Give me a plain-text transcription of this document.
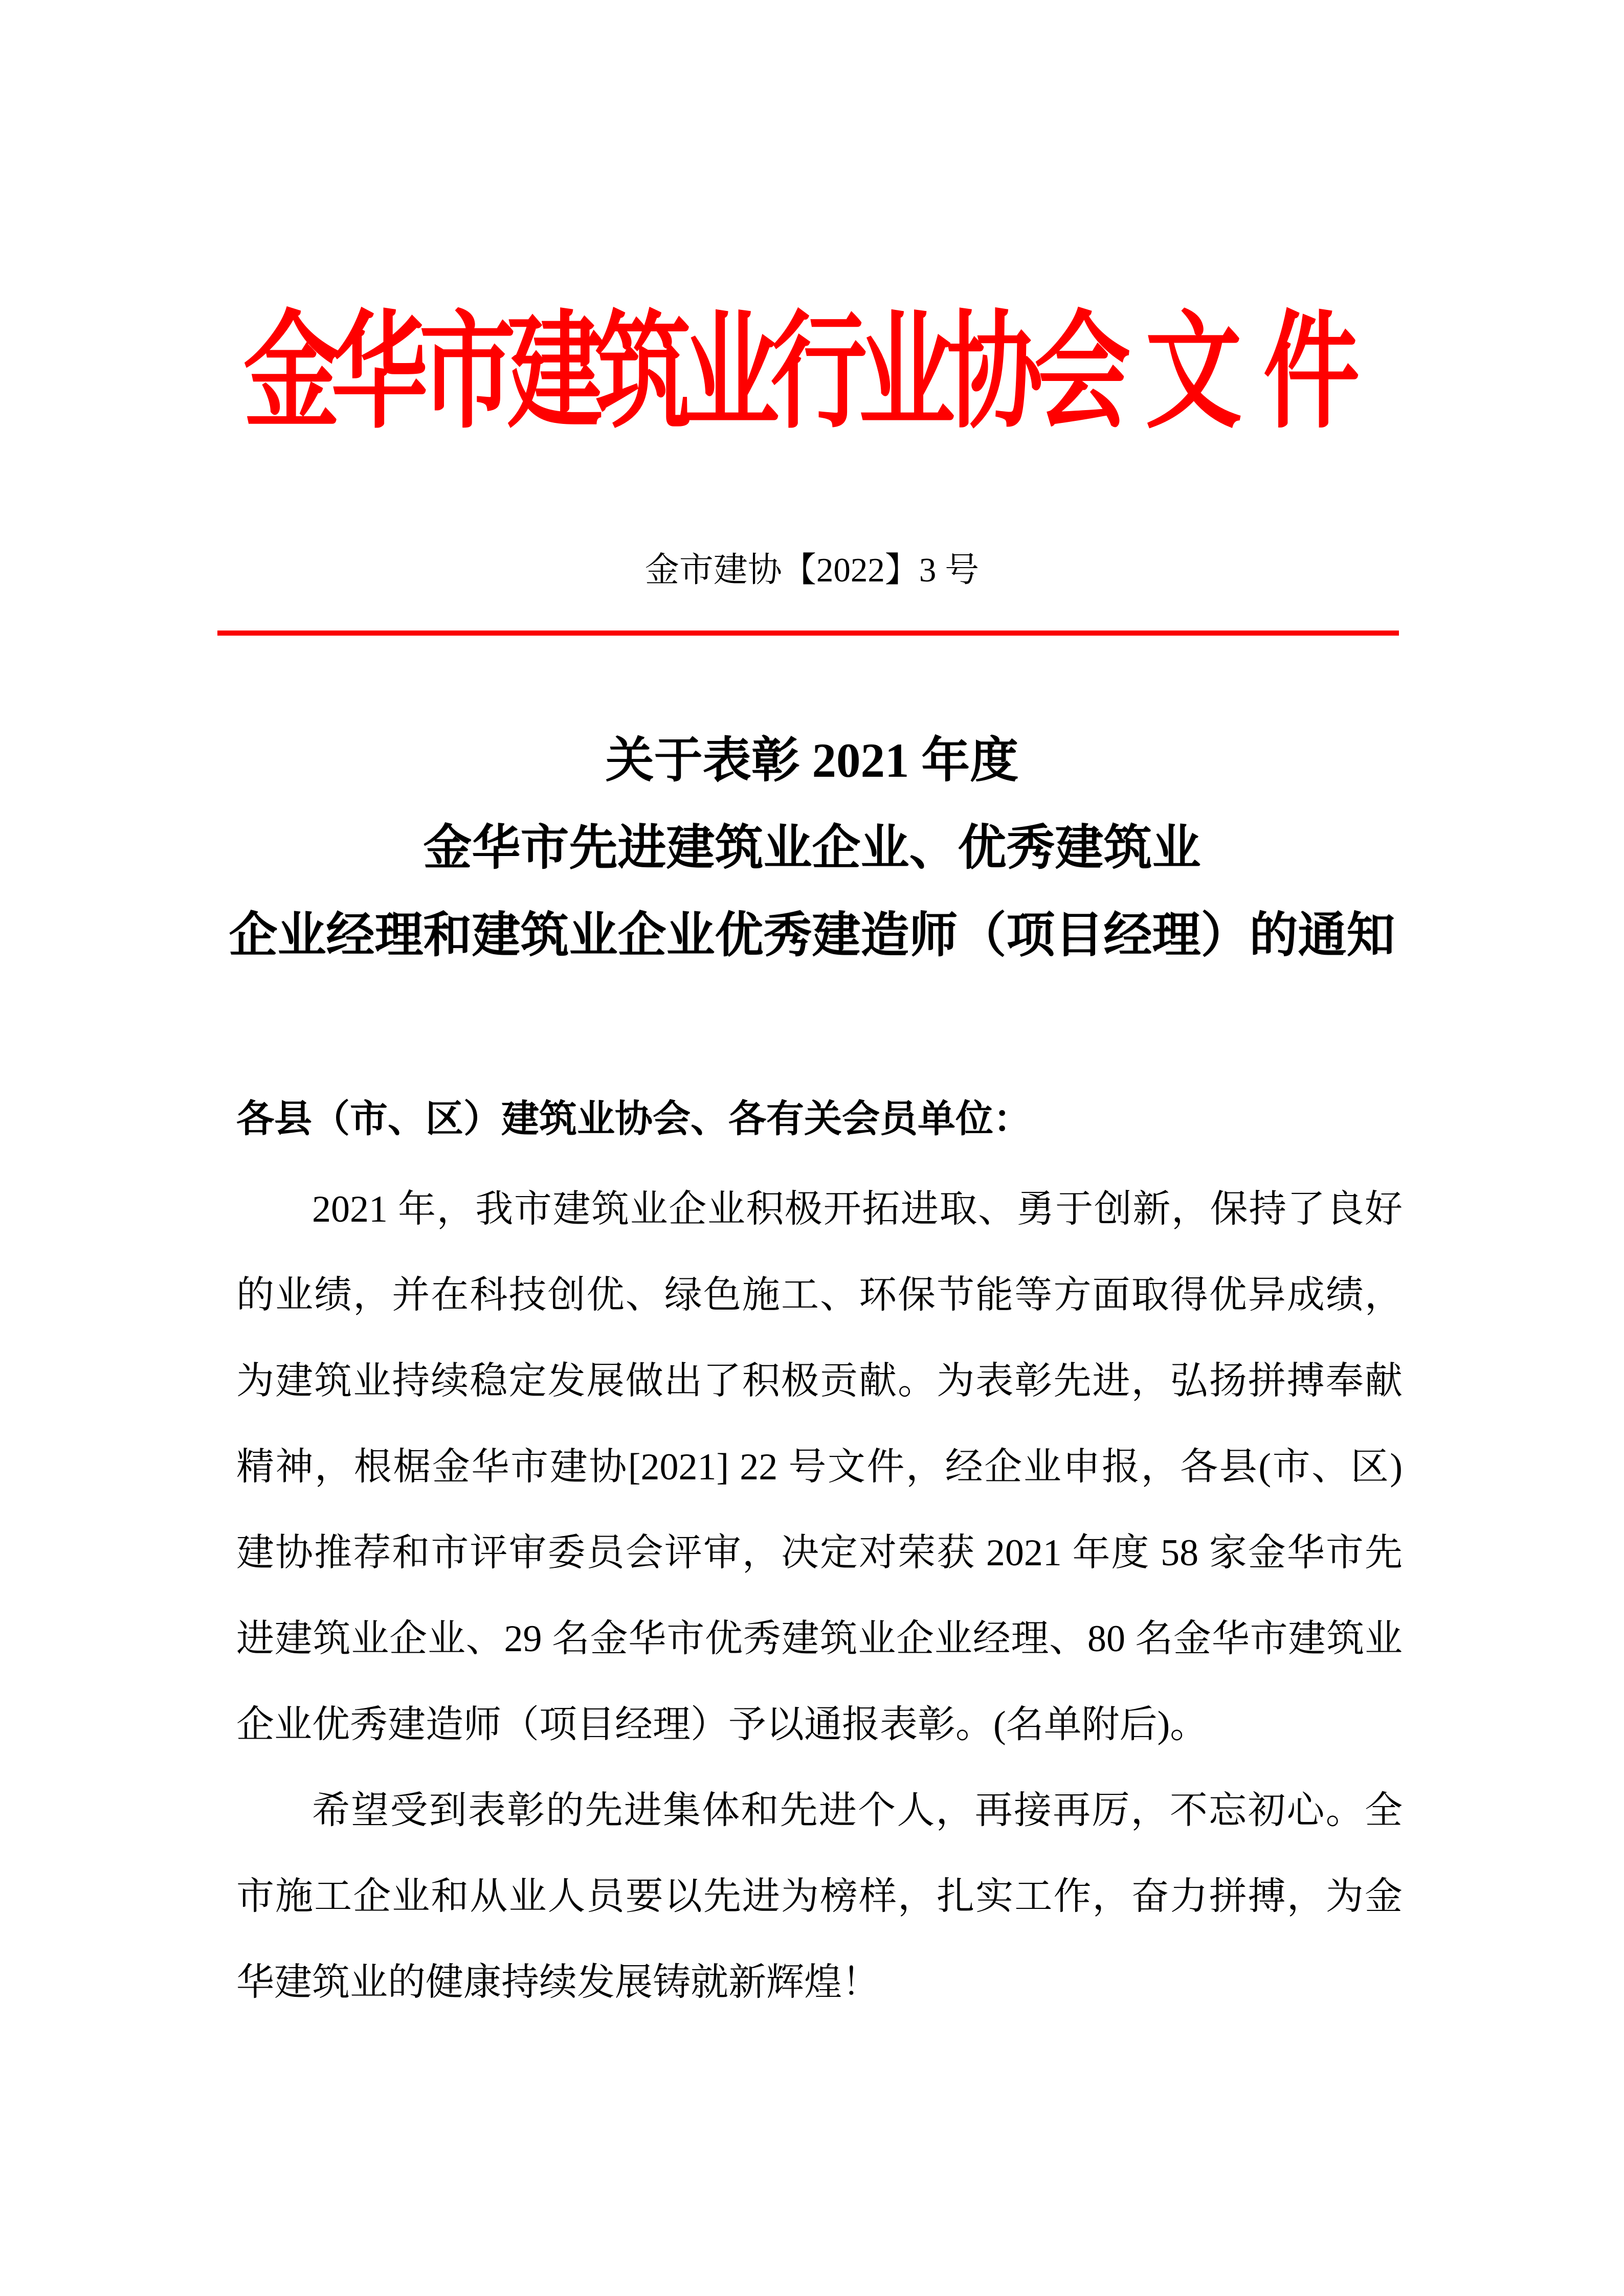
金华市建筑业行业协会 文件
金市建协【2022】3 号
关于表彰 2021 年度
金华市先进建筑业企业、优秀建筑业
企业经理和建筑业企业优秀建造师（项目经理）的通知
各县（市、区）建筑业协会、各有关会员单位：

2021 年，我市建筑业企业积极开拓进取、勇于创新，保持了良好的业绩，并在科技创优、绿色施工、环保节能等方面取得优异成绩，为建筑业持续稳定发展做出了积极贡献。为表彰先进，弘扬拼搏奉献精神，根椐金华市建协[2021] 22 号文件，经企业申报，各县(市、区)建协推荐和市评审委员会评审，决定对荣获 2021 年度 58 家金华市先进建筑业企业、29 名金华市优秀建筑业企业经理、80 名金华市建筑业企业优秀建造师（项目经理）予以通报表彰。(名单附后)。

希望受到表彰的先进集体和先进个人，再接再厉，不忘初心。全市施工企业和从业人员要以先进为榜样，扎实工作，奋力拼搏，为金华建筑业的健康持续发展铸就新辉煌！
